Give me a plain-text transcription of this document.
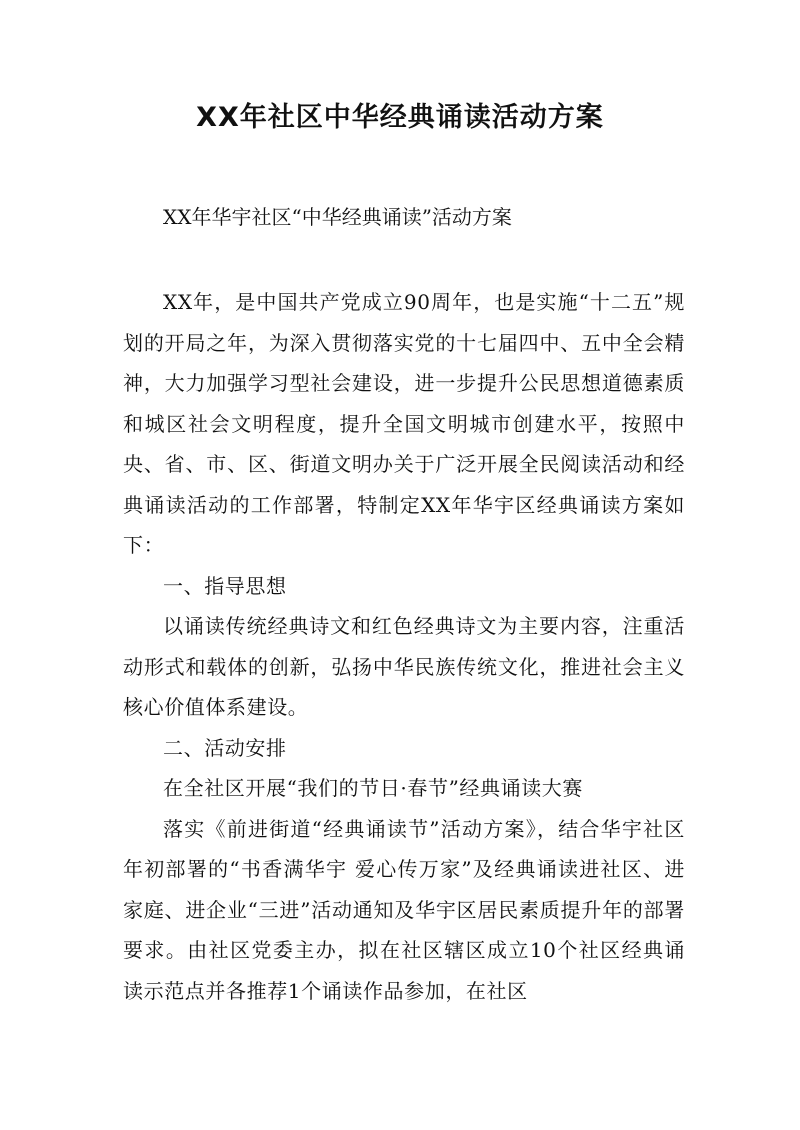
XX年社区中华经典诵读活动方案
XX年华宇社区“中华经典诵读”活动方案

XX年，是中国共产党成立90周年，也是实施“十二五”规划的开局之年，为深入贯彻落实党的十七届四中、五中全会精神，大力加强学习型社会建设，进一步提升公民思想道德素质和城区社会文明程度，提升全国文明城市创建水平，按照中央、省、市、区、街道文明办关于广泛开展全民阅读活动和经典诵读活动的工作部署，特制定XX年华宇区经典诵读方案如下：

一、指导思想

以诵读传统经典诗文和红色经典诗文为主要内容，注重活动形式和载体的创新，弘扬中华民族传统文化，推进社会主义核心价值体系建设。

二、活动安排

在全社区开展“我们的节日·春节”经典诵读大赛

落实《前进街道“经典诵读节”活动方案》，结合华宇社区年初部署的“书香满华宇 爱心传万家”及经典诵读进社区、进家庭、进企业“三进”活动通知及华宇区居民素质提升年的部署要求。由社区党委主办，拟在社区辖区成立10个社区经典诵读示范点并各推荐1个诵读作品参加，在社区
